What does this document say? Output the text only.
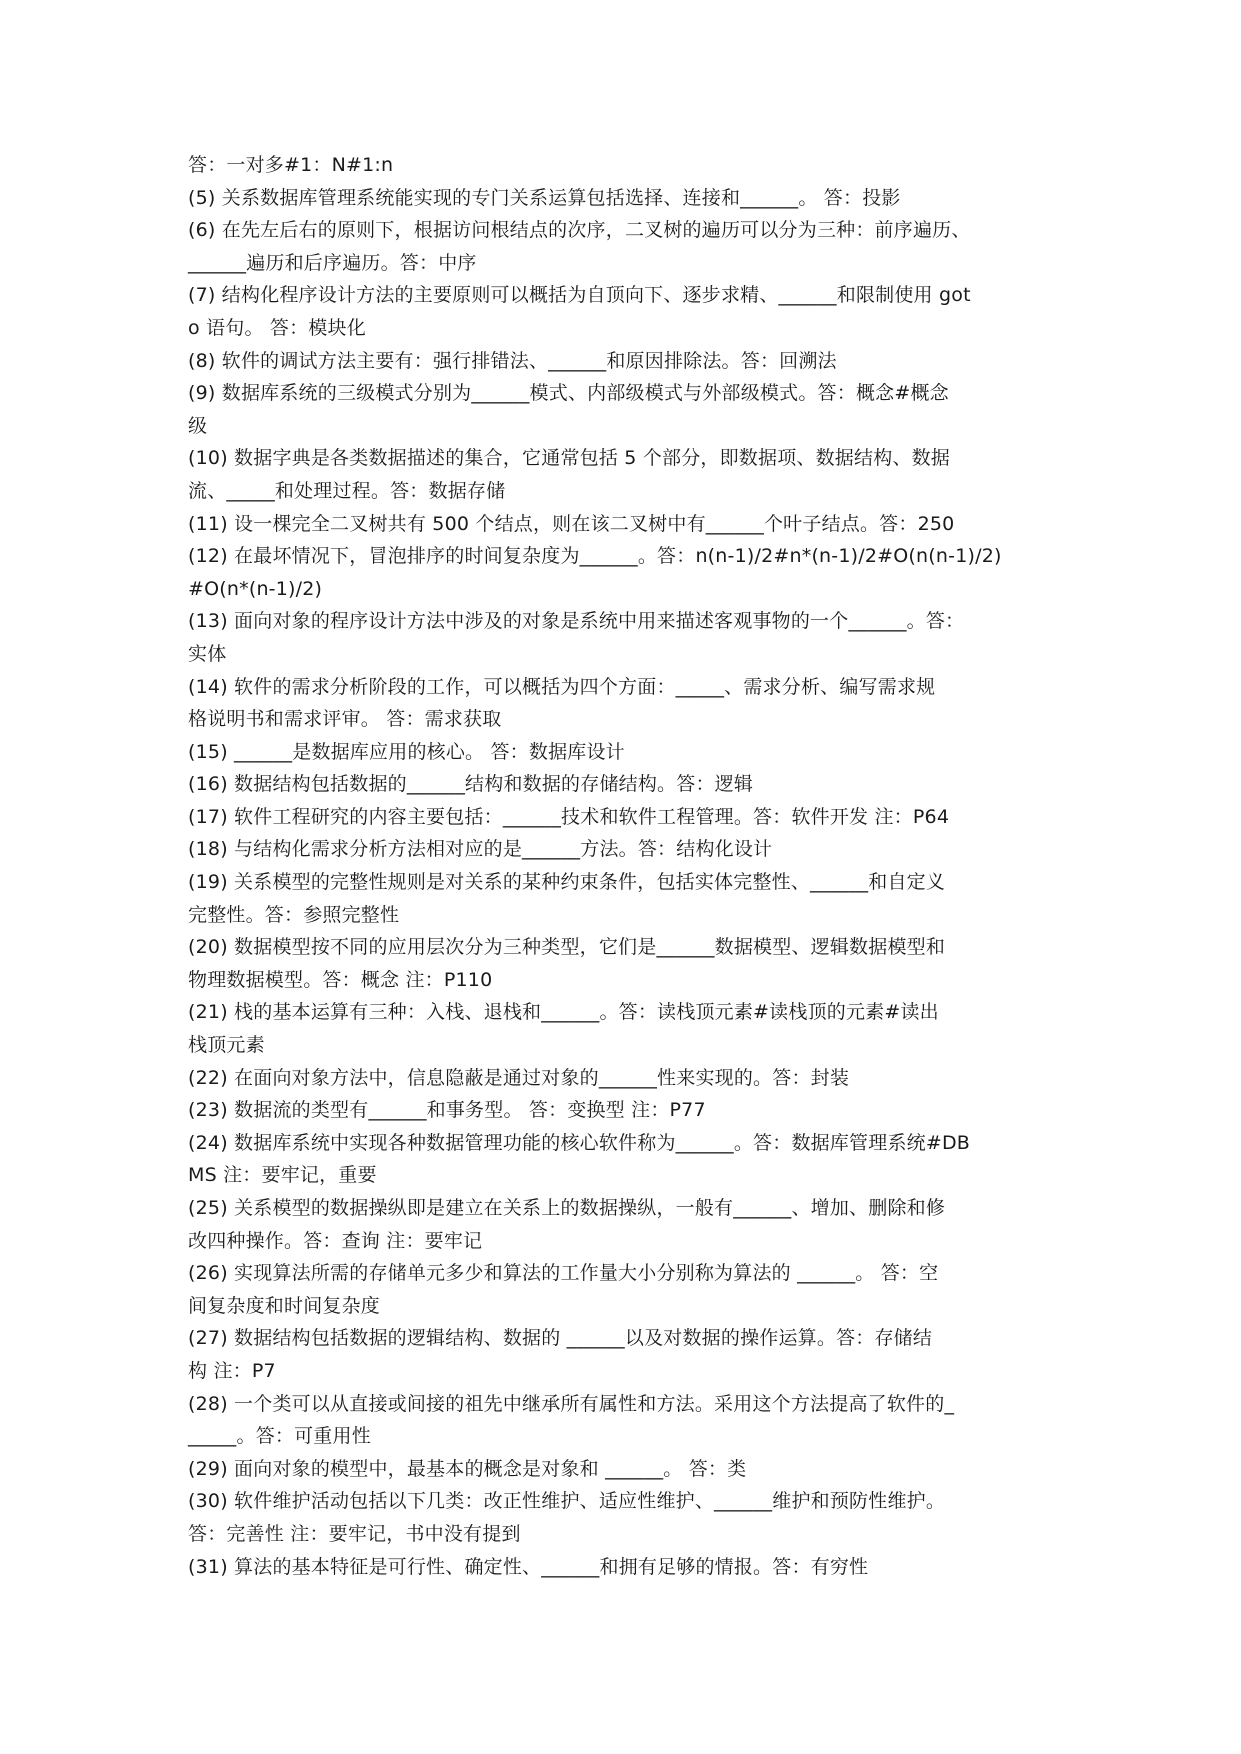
答：一对多#1：N#1:n
(5) 关系数据库管理系统能实现的专门关系运算包括选择、连接和______。 答：投影
(6) 在先左后右的原则下，根据访问根结点的次序，二叉树的遍历可以分为三种：前序遍历、
______遍历和后序遍历。答：中序
(7) 结构化程序设计方法的主要原则可以概括为自顶向下、逐步求精、______和限制使用 got
o 语句。 答：模块化
(8) 软件的调试方法主要有：强行排错法、______和原因排除法。答：回溯法
(9) 数据库系统的三级模式分别为______模式、内部级模式与外部级模式。答：概念#概念
级
(10) 数据字典是各类数据描述的集合，它通常包括 5 个部分，即数据项、数据结构、数据
流、_____和处理过程。答：数据存储
(11) 设一棵完全二叉树共有 500 个结点，则在该二叉树中有______个叶子结点。答：250
(12) 在最坏情况下，冒泡排序的时间复杂度为______。答：n(n-1)/2#n*(n-1)/2#O(n(n-1)/2)
#O(n*(n-1)/2)
(13) 面向对象的程序设计方法中涉及的对象是系统中用来描述客观事物的一个______。答：
实体
(14) 软件的需求分析阶段的工作，可以概括为四个方面：_____、需求分析、编写需求规
格说明书和需求评审。 答：需求获取
(15) ______是数据库应用的核心。 答：数据库设计
(16) 数据结构包括数据的______结构和数据的存储结构。答：逻辑
(17) 软件工程研究的内容主要包括：______技术和软件工程管理。答：软件开发 注：P64
(18) 与结构化需求分析方法相对应的是______方法。答：结构化设计
(19) 关系模型的完整性规则是对关系的某种约束条件，包括实体完整性、______和自定义
完整性。答：参照完整性
(20) 数据模型按不同的应用层次分为三种类型，它们是______数据模型、逻辑数据模型和
物理数据模型。答：概念 注：P110
(21) 栈的基本运算有三种：入栈、退栈和______。答：读栈顶元素#读栈顶的元素#读出
栈顶元素
(22) 在面向对象方法中，信息隐蔽是通过对象的______性来实现的。答：封装
(23) 数据流的类型有______和事务型。 答：变换型 注：P77
(24) 数据库系统中实现各种数据管理功能的核心软件称为______。答：数据库管理系统#DB
MS 注：要牢记，重要
(25) 关系模型的数据操纵即是建立在关系上的数据操纵，一般有______、增加、删除和修
改四种操作。答：查询 注：要牢记
(26) 实现算法所需的存储单元多少和算法的工作量大小分别称为算法的 ______。 答：空
间复杂度和时间复杂度
(27) 数据结构包括数据的逻辑结构、数据的 ______以及对数据的操作运算。答：存储结
构 注：P7
(28) 一个类可以从直接或间接的祖先中继承所有属性和方法。采用这个方法提高了软件的_
_____。答：可重用性
(29) 面向对象的模型中，最基本的概念是对象和 ______。 答：类
(30) 软件维护活动包括以下几类：改正性维护、适应性维护、______维护和预防性维护。
答：完善性 注：要牢记，书中没有提到
(31) 算法的基本特征是可行性、确定性、______和拥有足够的情报。答：有穷性
